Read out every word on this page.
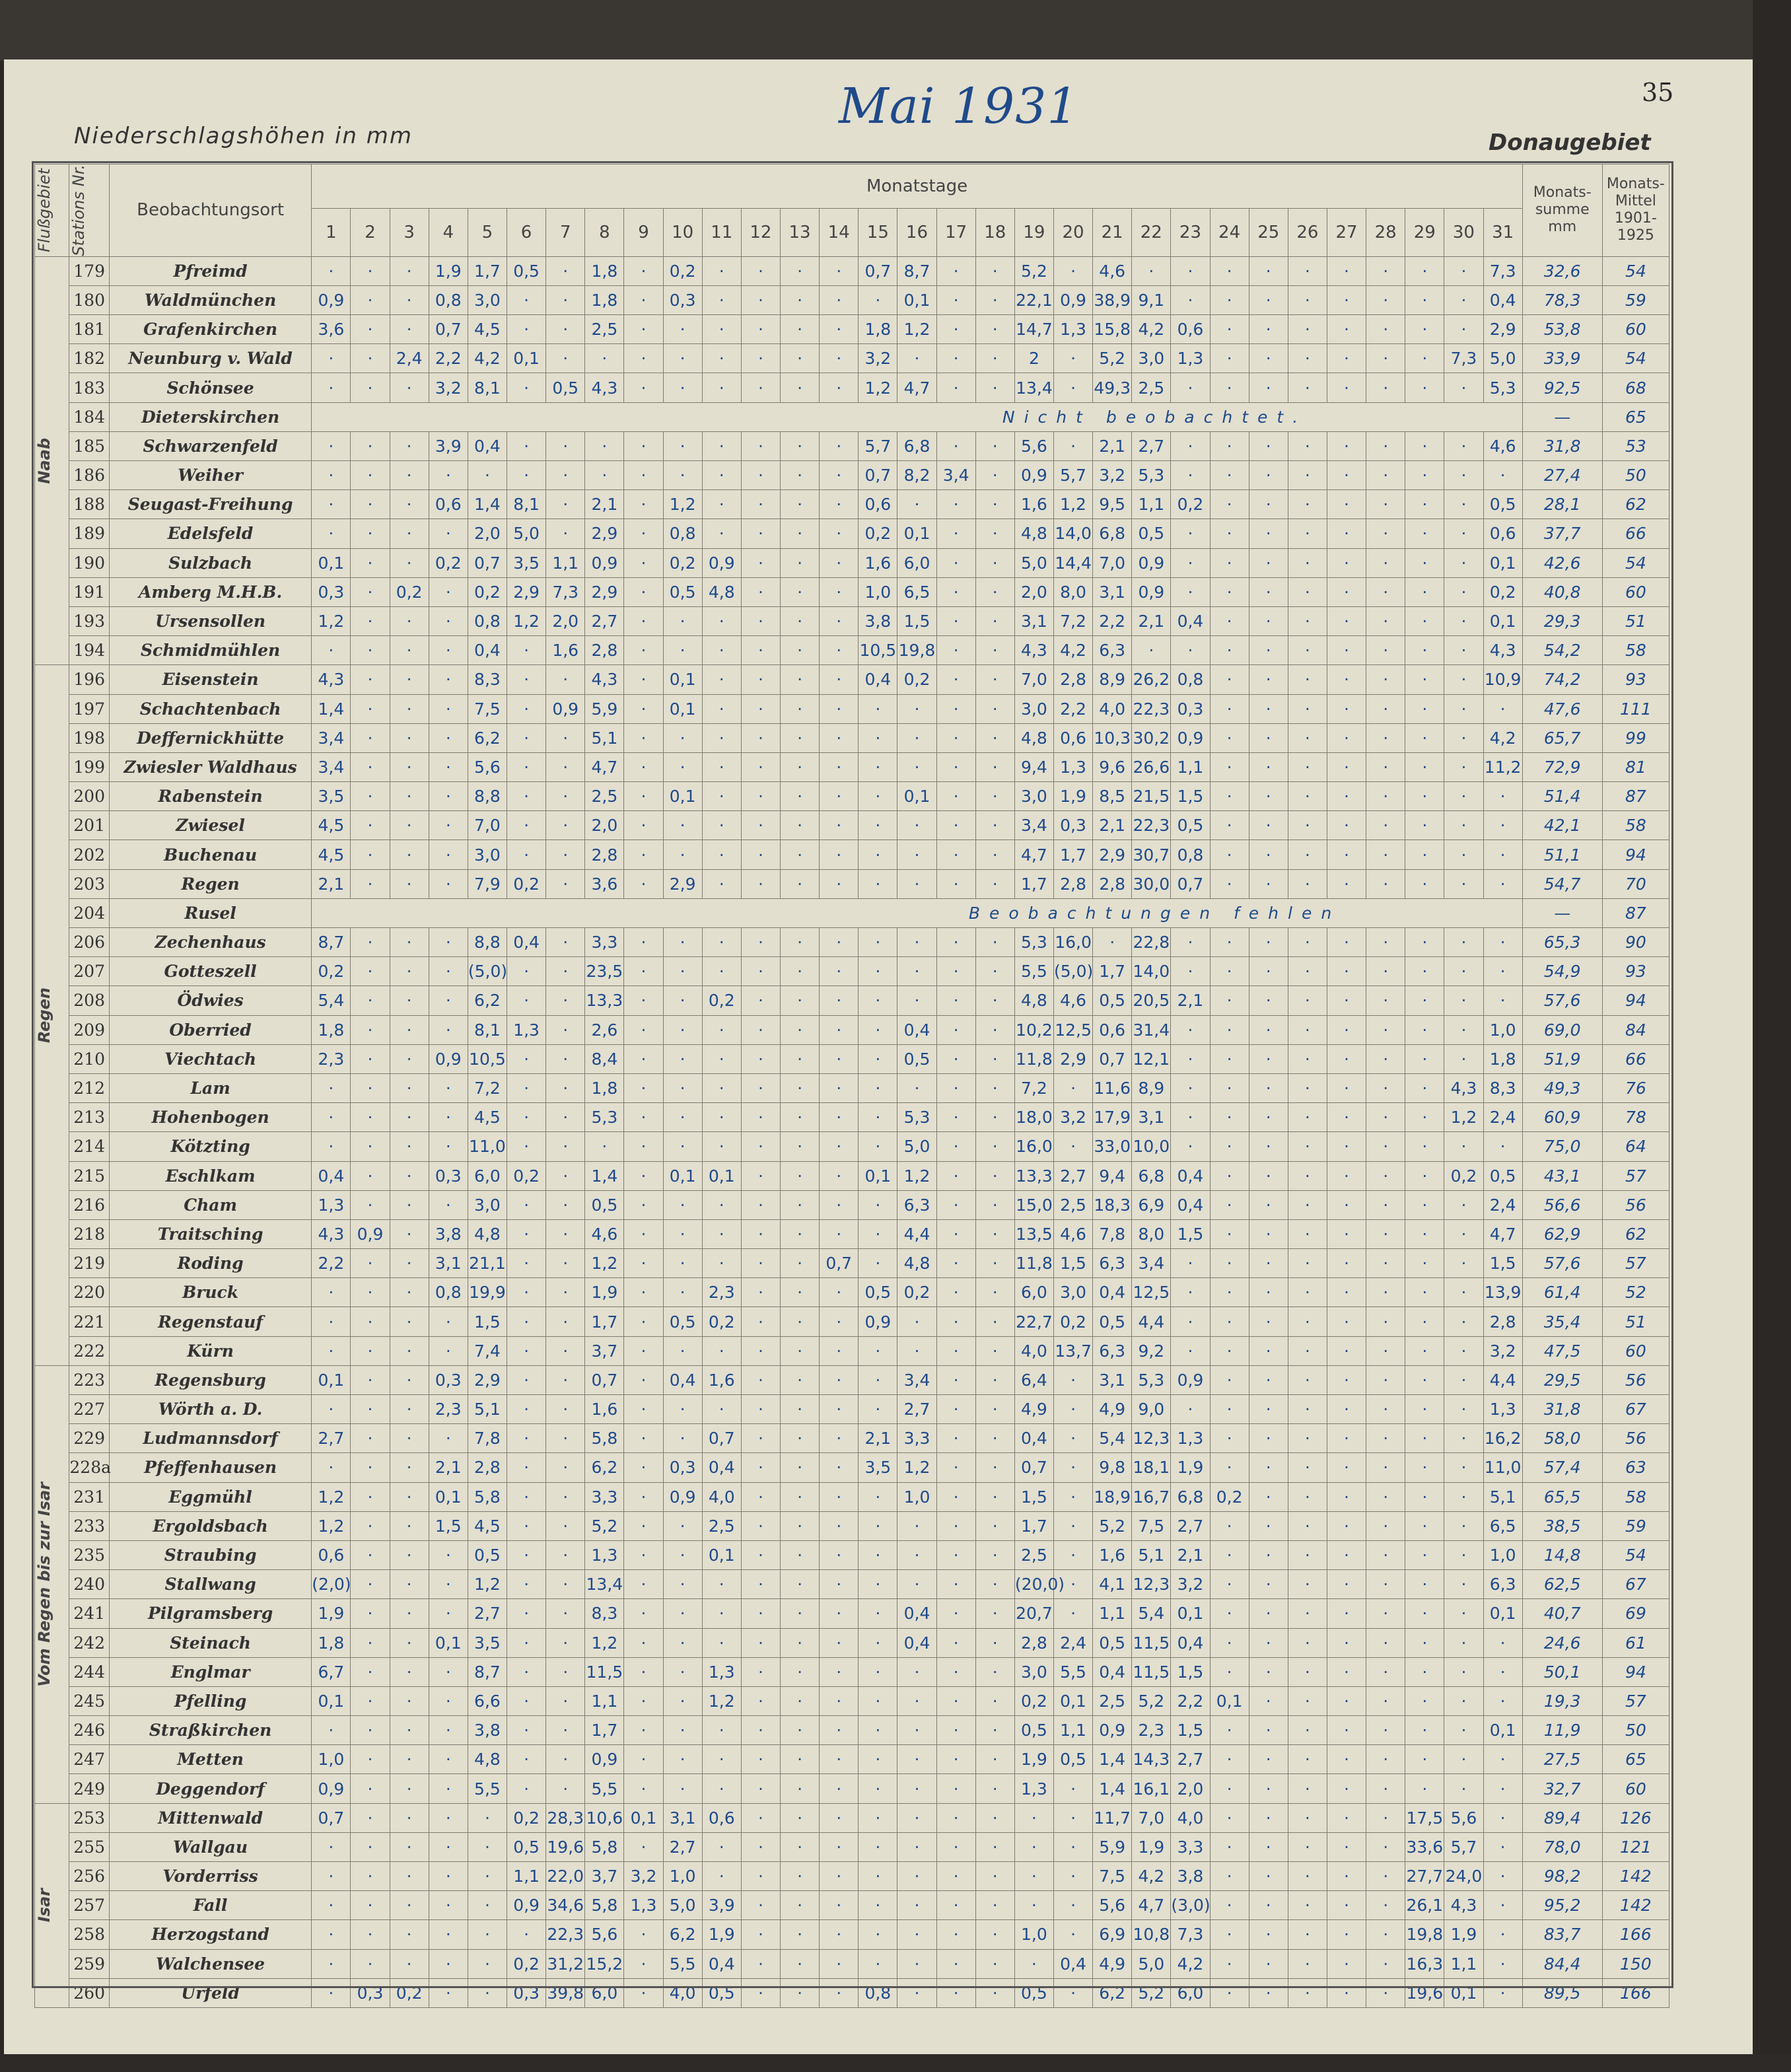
Mai 1931	35
Niederschlagshöhen in mm	Donaugebiet
Flußgebiet	Stations Nr.	Beobachtungsort	Monatstage																															Monats-summe mm	Monats-Mittel 1901-1925
			1	2	3	4	5	6	7	8	9	10	11	12	13	14	15	16	17	18	19	20	21	22	23	24	25	26	27	28	29	30	31		

Naab	179	Pfreimd	·	·	·	1,9	1,7	0,5	·	1,8	·	0,2	·	·	·	·	0,7	8,7	·	·	5,2	·	4,6	·	·	·	·	·	·	·	·	·	7,3	32,6	54
	180	Waldmünchen	0,9	·	·	0,8	3,0	·	·	1,8	·	0,3	·	·	·	·	·	0,1	·	·	22,1	0,9	38,9	9,1	·	·	·	·	·	·	·	·	0,4	78,3	59
	181	Grafenkirchen	3,6	·	·	0,7	4,5	·	·	2,5	·	·	·	·	·	·	1,8	1,2	·	·	14,7	1,3	15,8	4,2	0,6	·	·	·	·	·	·	·	2,9	53,8	60
	182	Neunburg v. Wald	·	·	2,4	2,2	4,2	0,1	·	·	·	·	·	·	·	·	3,2	·	·	·	2	·	5,2	3,0	1,3	·	·	·	·	·	·	7,3	5,0	33,9	54
	183	Schönsee	·	·	·	3,2	8,1	·	0,5	4,3	·	·	·	·	·	·	1,2	4,7	·	·	13,4	·	49,3	2,5	·	·	·	·	·	·	·	·	5,3	92,5	68
	184	Dieterskirchen	Nicht beobachtet.																															—	65
	185	Schwarzenfeld	·	·	·	3,9	0,4	·	·	·	·	·	·	·	·	·	5,7	6,8	·	·	5,6	·	2,1	2,7	·	·	·	·	·	·	·	·	4,6	31,8	53
	186	Weiher	·	·	·	·	·	·	·	·	·	·	·	·	·	·	0,7	8,2	3,4	·	0,9	5,7	3,2	5,3	·	·	·	·	·	·	·	·	·	27,4	50
	188	Seugast-Freihung	·	·	·	0,6	1,4	8,1	·	2,1	·	1,2	·	·	·	·	0,6	·	·	·	1,6	1,2	9,5	1,1	0,2	·	·	·	·	·	·	·	0,5	28,1	62
	189	Edelsfeld	·	·	·	·	2,0	5,0	·	2,9	·	0,8	·	·	·	·	0,2	0,1	·	·	4,8	14,0	6,8	0,5	·	·	·	·	·	·	·	·	0,6	37,7	66
	190	Sulzbach	0,1	·	·	0,2	0,7	3,5	1,1	0,9	·	0,2	0,9	·	·	·	1,6	6,0	·	·	5,0	14,4	7,0	0,9	·	·	·	·	·	·	·	·	0,1	42,6	54
	191	Amberg M.H.B.	0,3	·	0,2	·	0,2	2,9	7,3	2,9	·	0,5	4,8	·	·	·	1,0	6,5	·	·	2,0	8,0	3,1	0,9	·	·	·	·	·	·	·	·	0,2	40,8	60
	193	Ursensollen	1,2	·	·	·	0,8	1,2	2,0	2,7	·	·	·	·	·	·	3,8	1,5	·	·	3,1	7,2	2,2	2,1	0,4	·	·	·	·	·	·	·	0,1	29,3	51
	194	Schmidmühlen	·	·	·	·	0,4	·	1,6	2,8	·	·	·	·	·	·	10,5	19,8	·	·	4,3	4,2	6,3	·	·	·	·	·	·	·	·	·	4,3	54,2	58

Regen	196	Eisenstein	4,3	·	·	·	8,3	·	·	4,3	·	0,1	·	·	·	·	0,4	0,2	·	·	7,0	2,8	8,9	26,2	0,8	·	·	·	·	·	·	·	10,9	74,2	93
	197	Schachtenbach	1,4	·	·	·	7,5	·	0,9	5,9	·	0,1	·	·	·	·	·	·	·	·	3,0	2,2	4,0	22,3	0,3	·	·	·	·	·	·	·	·	47,6	111
	198	Deffernickhütte	3,4	·	·	·	6,2	·	·	5,1	·	·	·	·	·	·	·	·	·	·	4,8	0,6	10,3	30,2	0,9	·	·	·	·	·	·	·	4,2	65,7	99
	199	Zwiesler Waldhaus	3,4	·	·	·	5,6	·	·	4,7	·	·	·	·	·	·	·	·	·	·	9,4	1,3	9,6	26,6	1,1	·	·	·	·	·	·	·	11,2	72,9	81
	200	Rabenstein	3,5	·	·	·	8,8	·	·	2,5	·	0,1	·	·	·	·	·	0,1	·	·	3,0	1,9	8,5	21,5	1,5	·	·	·	·	·	·	·	·	51,4	87
	201	Zwiesel	4,5	·	·	·	7,0	·	·	2,0	·	·	·	·	·	·	·	·	·	·	3,4	0,3	2,1	22,3	0,5	·	·	·	·	·	·	·	·	42,1	58
	202	Buchenau	4,5	·	·	·	3,0	·	·	2,8	·	·	·	·	·	·	·	·	·	·	4,7	1,7	2,9	30,7	0,8	·	·	·	·	·	·	·	·	51,1	94
	203	Regen	2,1	·	·	·	7,9	0,2	·	3,6	·	2,9	·	·	·	·	·	·	·	·	1,7	2,8	2,8	30,0	0,7	·	·	·	·	·	·	·	·	54,7	70
	204	Rusel	Beobachtungen fehlen																															—	87
	206	Zechenhaus	8,7	·	·	·	8,8	0,4	·	3,3	·	·	·	·	·	·	·	·	·	·	5,3	16,0	·	22,8	·	·	·	·	·	·	·	·	·	65,3	90
	207	Gotteszell	0,2	·	·	·	(5,0)	·	·	23,5	·	·	·	·	·	·	·	·	·	·	5,5	(5,0)	1,7	14,0	·	·	·	·	·	·	·	·	·	54,9	93
	208	Ödwies	5,4	·	·	·	6,2	·	·	13,3	·	·	0,2	·	·	·	·	·	·	·	4,8	4,6	0,5	20,5	2,1	·	·	·	·	·	·	·	·	57,6	94
	209	Oberried	1,8	·	·	·	8,1	1,3	·	2,6	·	·	·	·	·	·	·	0,4	·	·	10,2	12,5	0,6	31,4	·	·	·	·	·	·	·	·	1,0	69,0	84
	210	Viechtach	2,3	·	·	0,9	10,5	·	·	8,4	·	·	·	·	·	·	·	0,5	·	·	11,8	2,9	0,7	12,1	·	·	·	·	·	·	·	·	1,8	51,9	66
	212	Lam	·	·	·	·	7,2	·	·	1,8	·	·	·	·	·	·	·	·	·	·	7,2	·	11,6	8,9	·	·	·	·	·	·	·	4,3	8,3	49,3	76
	213	Hohenbogen	·	·	·	·	4,5	·	·	5,3	·	·	·	·	·	·	·	5,3	·	·	18,0	3,2	17,9	3,1	·	·	·	·	·	·	·	1,2	2,4	60,9	78
	214	Kötzting	·	·	·	·	11,0	·	·	·	·	·	·	·	·	·	·	5,0	·	·	16,0	·	33,0	10,0	·	·	·	·	·	·	·	·	·	75,0	64
	215	Eschlkam	0,4	·	·	0,3	6,0	0,2	·	1,4	·	0,1	0,1	·	·	·	0,1	1,2	·	·	13,3	2,7	9,4	6,8	0,4	·	·	·	·	·	·	0,2	0,5	43,1	57
	216	Cham	1,3	·	·	·	3,0	·	·	0,5	·	·	·	·	·	·	·	6,3	·	·	15,0	2,5	18,3	6,9	0,4	·	·	·	·	·	·	·	2,4	56,6	56
	218	Traitsching	4,3	0,9	·	3,8	4,8	·	·	4,6	·	·	·	·	·	·	·	4,4	·	·	13,5	4,6	7,8	8,0	1,5	·	·	·	·	·	·	·	4,7	62,9	62
	219	Roding	2,2	·	·	3,1	21,1	·	·	1,2	·	·	·	·	·	0,7	·	4,8	·	·	11,8	1,5	6,3	3,4	·	·	·	·	·	·	·	·	1,5	57,6	57
	220	Bruck	·	·	·	0,8	19,9	·	·	1,9	·	·	2,3	·	·	·	0,5	0,2	·	·	6,0	3,0	0,4	12,5	·	·	·	·	·	·	·	·	13,9	61,4	52
	221	Regenstauf	·	·	·	·	1,5	·	·	1,7	·	0,5	0,2	·	·	·	0,9	·	·	·	22,7	0,2	0,5	4,4	·	·	·	·	·	·	·	·	2,8	35,4	51
	222	Kürn	·	·	·	·	7,4	·	·	3,7	·	·	·	·	·	·	·	·	·	·	4,0	13,7	6,3	9,2	·	·	·	·	·	·	·	·	3,2	47,5	60

Vom Regen bis zur Isar	223	Regensburg	0,1	·	·	0,3	2,9	·	·	0,7	·	0,4	1,6	·	·	·	·	3,4	·	·	6,4	·	3,1	5,3	0,9	·	·	·	·	·	·	·	4,4	29,5	56
	227	Wörth a. D.	·	·	·	2,3	5,1	·	·	1,6	·	·	·	·	·	·	·	2,7	·	·	4,9	·	4,9	9,0	·	·	·	·	·	·	·	·	1,3	31,8	67
	229	Ludmannsdorf	2,7	·	·	·	7,8	·	·	5,8	·	·	0,7	·	·	·	2,1	3,3	·	·	0,4	·	5,4	12,3	1,3	·	·	·	·	·	·	·	16,2	58,0	56
	228a	Pfeffenhausen	·	·	·	2,1	2,8	·	·	6,2	·	0,3	0,4	·	·	·	3,5	1,2	·	·	0,7	·	9,8	18,1	1,9	·	·	·	·	·	·	·	11,0	57,4	63
	231	Eggmühl	1,2	·	·	0,1	5,8	·	·	3,3	·	0,9	4,0	·	·	·	·	1,0	·	·	1,5	·	18,9	16,7	6,8	0,2	·	·	·	·	·	·	5,1	65,5	58
	233	Ergoldsbach	1,2	·	·	1,5	4,5	·	·	5,2	·	·	2,5	·	·	·	·	·	·	·	1,7	·	5,2	7,5	2,7	·	·	·	·	·	·	·	6,5	38,5	59
	235	Straubing	0,6	·	·	·	0,5	·	·	1,3	·	·	0,1	·	·	·	·	·	·	·	2,5	·	1,6	5,1	2,1	·	·	·	·	·	·	·	1,0	14,8	54
	240	Stallwang	(2,0)	·	·	·	1,2	·	·	13,4	·	·	·	·	·	·	·	·	·	·	(20,0)	·	4,1	12,3	3,2	·	·	·	·	·	·	·	6,3	62,5	67
	241	Pilgramsberg	1,9	·	·	·	2,7	·	·	8,3	·	·	·	·	·	·	·	0,4	·	·	20,7	·	1,1	5,4	0,1	·	·	·	·	·	·	·	0,1	40,7	69
	242	Steinach	1,8	·	·	0,1	3,5	·	·	1,2	·	·	·	·	·	·	·	0,4	·	·	2,8	2,4	0,5	11,5	0,4	·	·	·	·	·	·	·	·	24,6	61
	244	Englmar	6,7	·	·	·	8,7	·	·	11,5	·	·	1,3	·	·	·	·	·	·	·	3,0	5,5	0,4	11,5	1,5	·	·	·	·	·	·	·	·	50,1	94
	245	Pfelling	0,1	·	·	·	6,6	·	·	1,1	·	·	1,2	·	·	·	·	·	·	·	0,2	0,1	2,5	5,2	2,2	0,1	·	·	·	·	·	·	·	19,3	57
	246	Straßkirchen	·	·	·	·	3,8	·	·	1,7	·	·	·	·	·	·	·	·	·	·	0,5	1,1	0,9	2,3	1,5	·	·	·	·	·	·	·	0,1	11,9	50
	247	Metten	1,0	·	·	·	4,8	·	·	0,9	·	·	·	·	·	·	·	·	·	·	1,9	0,5	1,4	14,3	2,7	·	·	·	·	·	·	·	·	27,5	65
	249	Deggendorf	0,9	·	·	·	5,5	·	·	5,5	·	·	·	·	·	·	·	·	·	·	1,3	·	1,4	16,1	2,0	·	·	·	·	·	·	·	·	32,7	60

Isar	253	Mittenwald	0,7	·	·	·	·	0,2	28,3	10,6	0,1	3,1	0,6	·	·	·	·	·	·	·	·	·	11,7	7,0	4,0	·	·	·	·	·	17,5	5,6	·	89,4	126
	255	Wallgau	·	·	·	·	·	0,5	19,6	5,8	·	2,7	·	·	·	·	·	·	·	·	·	·	5,9	1,9	3,3	·	·	·	·	·	33,6	5,7	·	78,0	121
	256	Vorderriss	·	·	·	·	·	1,1	22,0	3,7	3,2	1,0	·	·	·	·	·	·	·	·	·	·	7,5	4,2	3,8	·	·	·	·	·	27,7	24,0	·	98,2	142
	257	Fall	·	·	·	·	·	0,9	34,6	5,8	1,3	5,0	3,9	·	·	·	·	·	·	·	·	·	5,6	4,7	(3,0)	·	·	·	·	·	26,1	4,3	·	95,2	142
	258	Herzogstand	·	·	·	·	·	·	22,3	5,6	·	6,2	1,9	·	·	·	·	·	·	·	1,0	·	6,9	10,8	7,3	·	·	·	·	·	19,8	1,9	·	83,7	166
	259	Walchensee	·	·	·	·	·	0,2	31,2	15,2	·	5,5	0,4	·	·	·	·	·	·	·	·	0,4	4,9	5,0	4,2	·	·	·	·	·	16,3	1,1	·	84,4	150
	260	Urfeld	·	0,3	0,2	·	·	0,3	39,8	6,0	·	4,0	0,5	·	·	·	0,8	·	·	·	0,5	·	6,2	5,2	6,0	·	·	·	·	·	19,6	0,1	·	89,5	166
